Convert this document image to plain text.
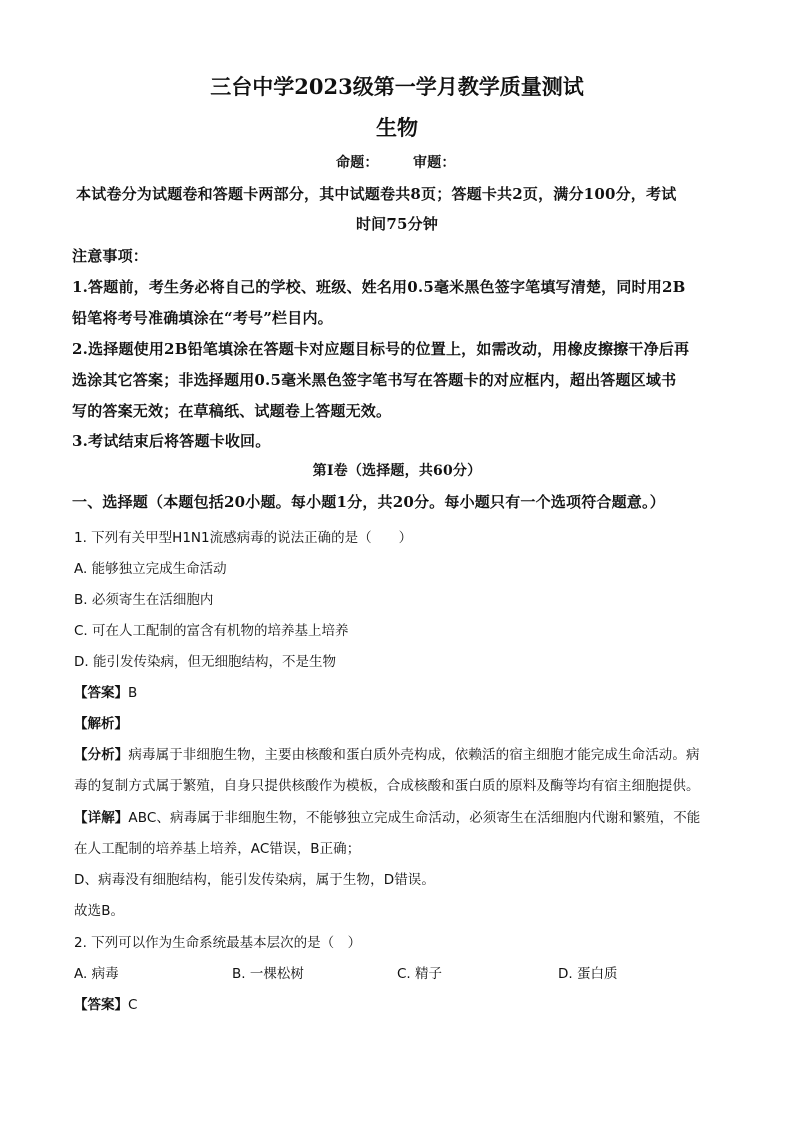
三台中学2023级第一学月教学质量测试
生物
命题： 审题：
本试卷分为试题卷和答题卡两部分，其中试题卷共8页；答题卡共2页，满分100分，考试
时间75分钟
注意事项：
1.答题前，考生务必将自己的学校、班级、姓名用0.5毫米黑色签字笔填写清楚，同时用2B
铅笔将考号准确填涂在“考号”栏目内。
2.选择题使用2B铅笔填涂在答题卡对应题目标号的位置上，如需改动，用橡皮擦擦干净后再
选涂其它答案；非选择题用0.5毫米黑色签字笔书写在答题卡的对应框内，超出答题区域书
写的答案无效；在草稿纸、试题卷上答题无效。
3.考试结束后将答题卡收回。
第Ⅰ卷（选择题，共60分）
一、选择题（本题包括20小题。每小题1分，共20分。每小题只有一个选项符合题意。）
1. 下列有关甲型H1N1流感病毒的说法正确的是（　　）
A. 能够独立完成生命活动
B. 必须寄生在活细胞内
C. 可在人工配制的富含有机物的培养基上培养
D. 能引发传染病，但无细胞结构，不是生物
【答案】B
【解析】
【分析】病毒属于非细胞生物，主要由核酸和蛋白质外壳构成，依赖活的宿主细胞才能完成生命活动。病
毒的复制方式属于繁殖，自身只提供核酸作为模板，合成核酸和蛋白质的原料及酶等均有宿主细胞提供。
【详解】ABC、病毒属于非细胞生物，不能够独立完成生命活动，必须寄生在活细胞内代谢和繁殖，不能
在人工配制的培养基上培养，AC错误，B正确；
D、病毒没有细胞结构，能引发传染病，属于生物，D错误。
故选B。
2. 下列可以作为生命系统最基本层次的是（　）
A. 病毒	B. 一棵松树	C. 精子	D. 蛋白质
【答案】C
